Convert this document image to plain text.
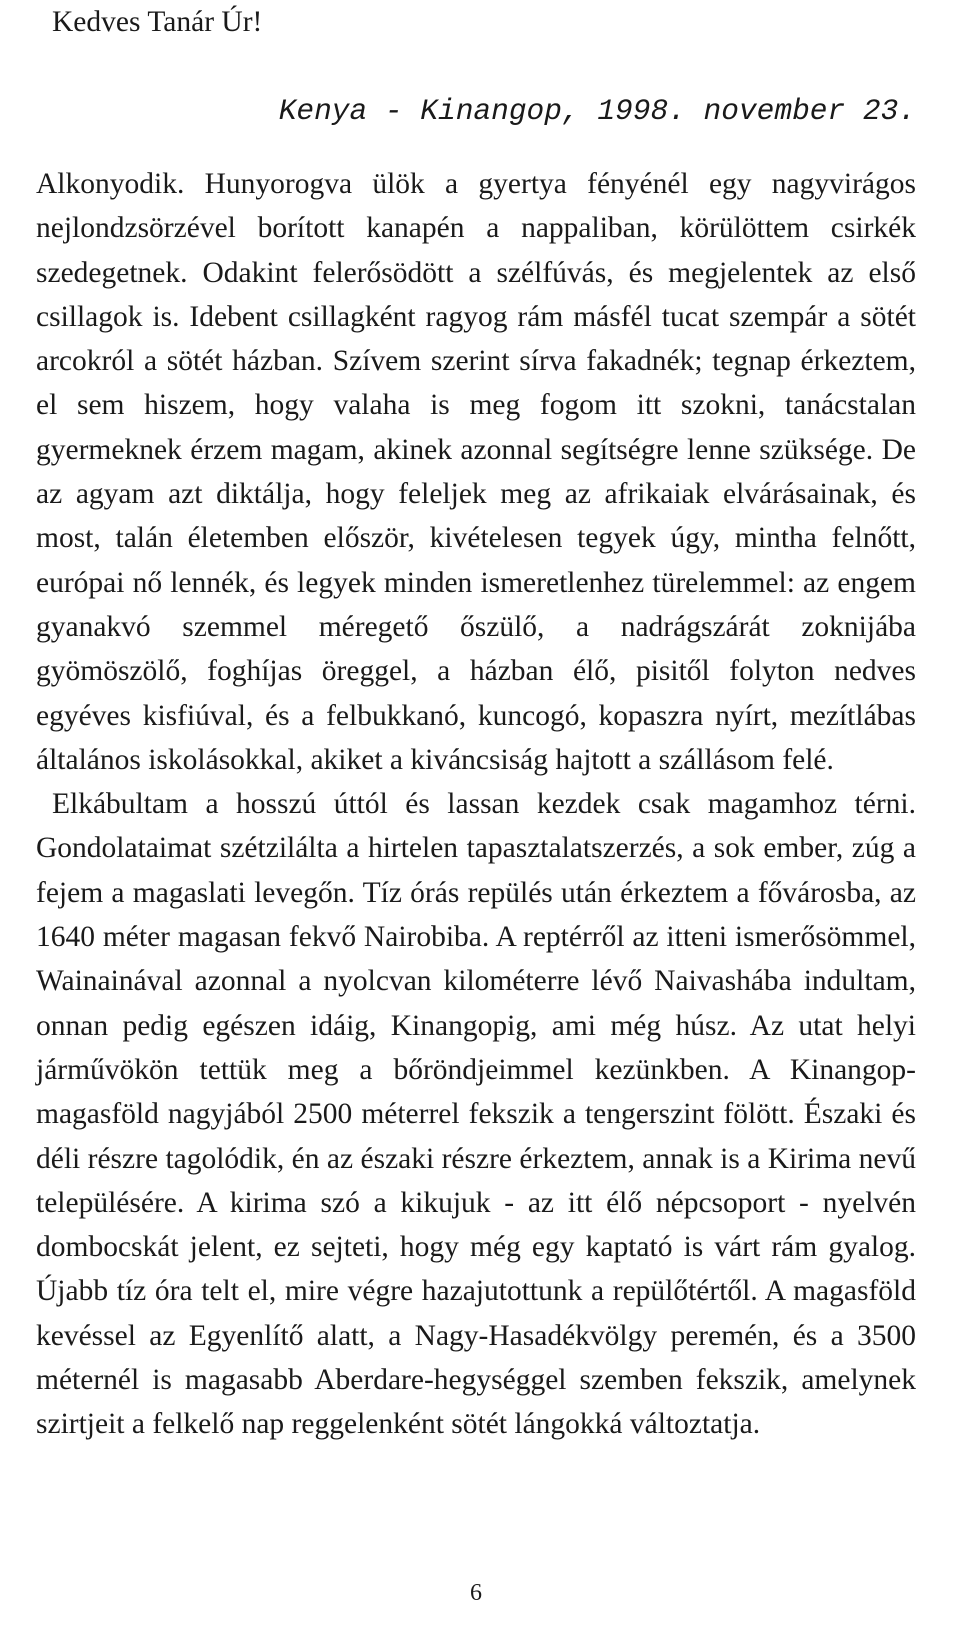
Kedves Tanár Úr!
Kenya - Kinangop, 1998. november 23.

Alkonyodik. Hunyorogva ülök a gyertya fényénél egy nagyvirágos nejlondzsörzével borított kanapén a nappaliban, körülöttem csirkék szedegetnek. Odakint felerősödött a szélfúvás, és megjelentek az első csillagok is. Idebent csillagként ragyog rám másfél tucat szempár a sötét arcokról a sötét házban. Szívem szerint sírva fakadnék; tegnap érkeztem, el sem hiszem, hogy valaha is meg fogom itt szokni, tanácstalan gyermeknek érzem magam, akinek azonnal segítségre lenne szüksége. De az agyam azt diktálja, hogy feleljek meg az afrikaiak elvárásainak, és most, talán életemben először, kivételesen tegyek úgy, mintha felnőtt, európai nő lennék, és legyek minden ismeretlenhez türelemmel: az engem gyanakvó szemmel méregető őszülő, a nadrágszárát zoknijába gyömöszölő, foghíjas öreggel, a házban élő, pisitől folyton nedves egyéves kisfiúval, és a felbukkanó, kuncogó, kopaszra nyírt, mezítlábas általános iskolásokkal, akiket a kiváncsiság hajtott a szállásom felé.

Elkábultam a hosszú úttól és lassan kezdek csak magamhoz térni. Gondolataimat szétzilálta a hirtelen tapasztalatszerzés, a sok ember, zúg a fejem a magaslati levegőn. Tíz órás repülés után érkeztem a fővárosba, az 1640 méter magasan fekvő Nairobiba. A reptérről az itteni ismerősömmel, Wainainával azonnal a nyolcvan kilométerre lévő Naivashába indultam, onnan pedig egészen idáig, Kinangopig, ami még húsz. Az utat helyi járművökön tettük meg a bőröndjeimmel kezünkben. A Kinangop-magasföld nagyjából 2500 méterrel fekszik a tengerszint fölött. Északi és déli részre tagolódik, én az északi részre érkeztem, annak is a Kirima nevű településére. A kirima szó a kikujuk - az itt élő népcsoport - nyelvén dombocskát jelent, ez sejteti, hogy még egy kaptató is várt rám gyalog. Újabb tíz óra telt el, mire végre hazajutottunk a repülőtértől. A magasföld kevéssel az Egyenlítő alatt, a Nagy-Hasadékvölgy peremén, és a 3500 méternél is magasabb Aberdare-hegységgel szemben fekszik, amelynek szirtjeit a felkelő nap reggelenként sötét lángokká változtatja.

6
